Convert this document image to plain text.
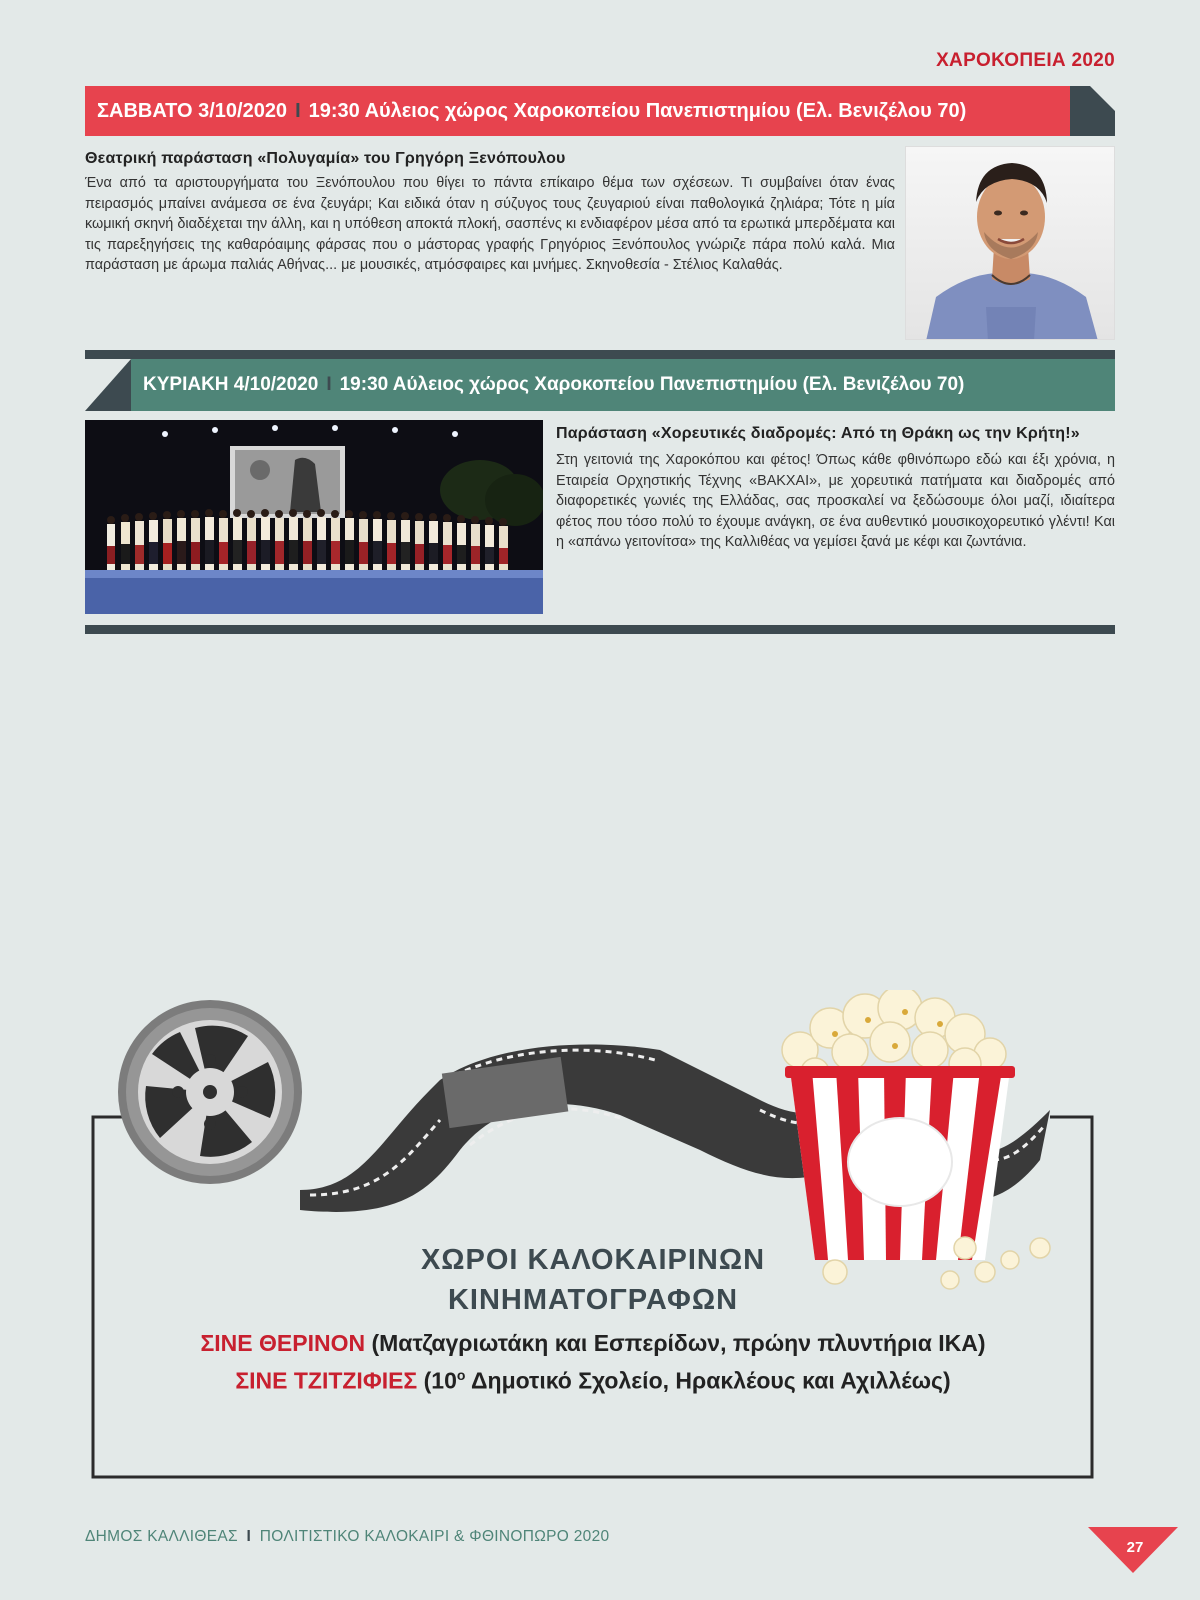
ΧΑΡΟΚΟΠΕΙΑ 2020
ΣΑΒΒΑΤΟ 3/10/2020 I 19:30 Αύλειος χώρος Χαροκοπείου Πανεπιστημίου (Ελ. Βενιζέλου 70)
Θεατρική παράσταση «Πολυγαμία» του Γρηγόρη Ξενόπουλου
Ένα από τα αριστουργήματα του Ξενόπουλου που θίγει το πάντα επίκαιρο θέμα των σχέσεων. Τι συμβαίνει όταν ένας πειρασμός μπαίνει ανάμεσα σε ένα ζευγάρι; Και ειδικά όταν η σύζυγος τους ζευγαριού είναι παθολογικά ζηλιάρα; Τότε η μία κωμική σκηνή διαδέχεται την άλλη, και η υπόθεση αποκτά πλοκή, σασπένς κι ενδιαφέρον μέσα από τα ερωτικά μπερδέματα και τις παρεξηγήσεις της καθαρόαιμης φάρσας που ο μάστορας γραφής Γρηγόριος Ξενόπουλος γνώριζε πάρα πολύ καλά. Μια παράσταση με άρωμα παλιάς Αθήνας... με μουσικές, ατμόσφαιρες και μνήμες. Σκηνοθεσία - Στέλιος Καλαθάς.
ΚΥΡΙΑΚΗ 4/10/2020 I 19:30 Αύλειος χώρος Χαροκοπείου Πανεπιστημίου (Ελ. Βενιζέλου 70)
Παράσταση «Χορευτικές διαδρομές: Από τη Θράκη ως την Κρήτη!»
Στη γειτονιά της Χαροκόπου και φέτος! Όπως κάθε φθινόπωρο εδώ και έξι χρόνια, η Εταιρεία Ορχηστικής Τέχνης «ΒΑΚΧΑΙ», με χορευτικά πατήματα και διαδρομές από διαφορετικές γωνιές της Ελλάδας, σας προσκαλεί να ξεδώσουμε όλοι μαζί, ιδιαίτερα φέτος που τόσο πολύ το έχουμε ανάγκη, σε ένα αυθεντικό μουσικοχορευτικό γλέντι! Και η «απάνω γειτονίτσα» της Καλλιθέας να γεμίσει ξανά με κέφι και ζωντάνια.
ΧΩΡΟΙ ΚΑΛΟΚΑΙΡΙΝΩΝ
ΚΙΝΗΜΑΤΟΓΡΑΦΩΝ
ΣΙΝΕ ΘΕΡΙΝΟΝ (Ματζαγριωτάκη και Εσπερίδων, πρώην πλυντήρια ΙΚΑ)
ΣΙΝΕ ΤΖΙΤΖΙΦΙΕΣ ($10^o$ Δημοτικό Σχολείο, Ηρακλέους και Αχιλλέως)
ΔΗΜΟΣ ΚΑΛΛΙΘΕΑΣ I ΠΟΛΙΤΙΣΤΙΚΟ ΚΑΛΟΚΑΙΡΙ & ΦΘΙΝΟΠΩΡΟ 2020
27
